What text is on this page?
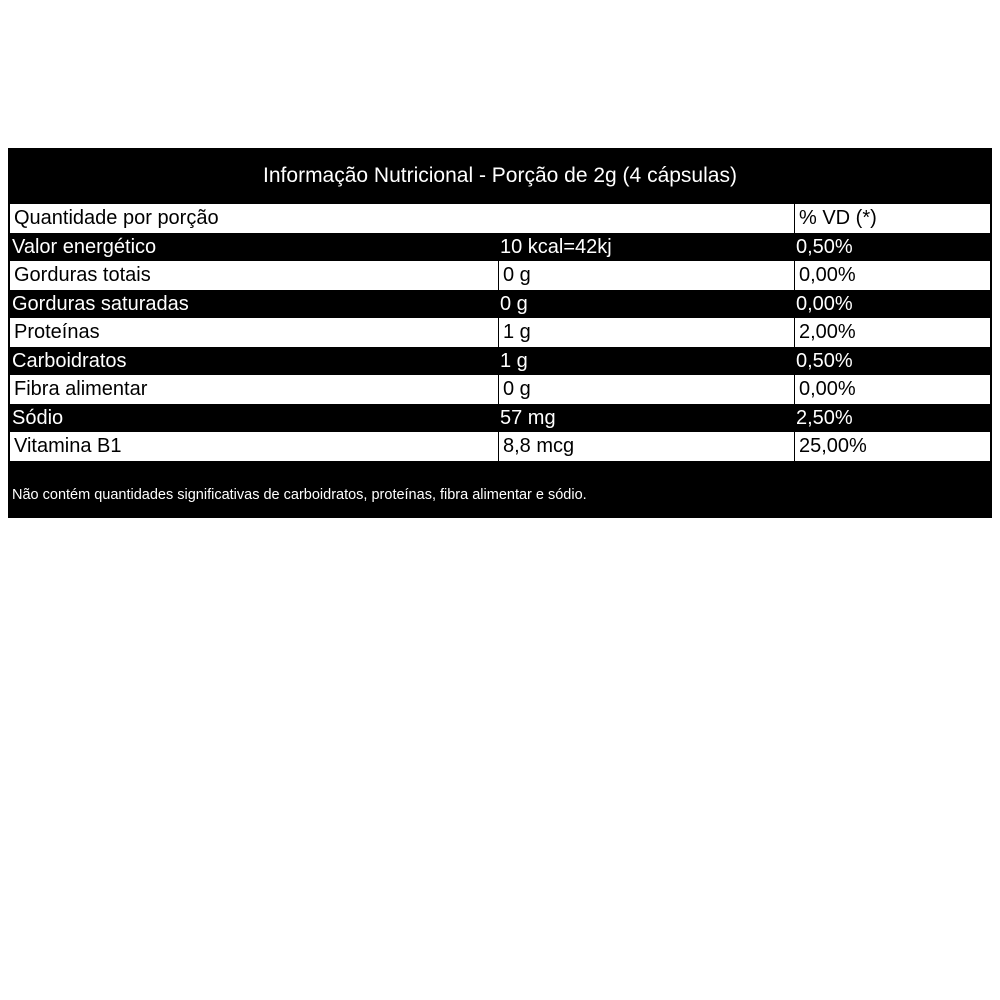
Informação Nutricional - Porção de 2g (4 cápsulas)
Quantidade por porção	% VD (*)
Valor energético	10 kcal=42kj	0,50%
Gorduras totais	0 g	0,00%
Gorduras saturadas	0 g	0,00%
Proteínas	1 g	2,00%
Carboidratos	1 g	0,50%
Fibra alimentar	0 g	0,00%
Sódio	57 mg	2,50%
Vitamina B1	8,8 mcg	25,00%
Não contém quantidades significativas de carboidratos, proteínas, fibra alimentar e sódio.
